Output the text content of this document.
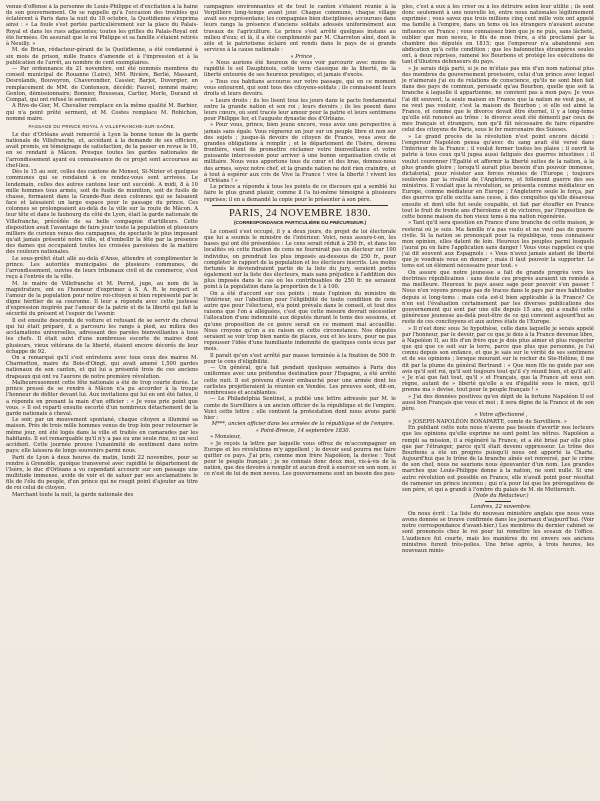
venue d'offense à la personne de Louis-Philippe et d'excitation à la haine de son gouvernement. On se rappelle qu'à l'occasion des troubles qui éclatèrent à Paris dans la nuit du 18 octobre, la Quotidienne s'exprima ainsi : « La foule s'est portée particulièrement sur la place du Palais-Royal et dans les rues adjacentes; toutes les grilles du Palais-Royal ont été fermées. On assurait que le roi Philippe et sa famille s'étaient retirés à Neuilly. »

M. de Brian, rédacteur-gérant de la Quotidienne, a été condamné à six mois de prison, mille francs d'amende et à l'impression et à la publication de l'arrêt, au nombre de cent exemplaires.

— Par ordonnance du 21 novembre, ont été nommés membres du conseil municipal de Rouanne (Loire), MM. Rivière, Berlié, Massard, Desrolands, Bouveyron, Chaverondier, Cassier, Barjot, Duvergier, en remplacement de MM. de Contenson, décédé; Fauvel, nommé maire; Genton, démissionnaire; Bonnier, Rousseau, Cartier, Merle, Durand et Compat, qui ont refusé le serment.

A Rive-de-Gier, M. Chevalier remplace en la même qualité M. Barbier, qui n'a point prêté serment, et M. Costes remplace M. Robichon, nommé maire.

PASSAGE DU PRINCE ROYAL À VILLEFRANCHE-SUR-SAÔNE.

Le duc d'Orléans avait remercié à Lyon la bonne tenue de la garde nationale de Villefranche, et, accédant à la demande de ses officiers, avait promis, en témoignage de satisfaction, de la passer en revue le 16, en se rendant à Mâcon. Presque toutes les gardes nationales de l'arrondissement ayant eu connaissance de ce projet sont accourues au chef-lieu.

Dès le 15 au soir, celles des cantons de Monsol, St-Nizier et quelques communes qui se rendaient à ce rendez-vous sont arrivées. Le lendemain, celles des autres cantons leur ont succédé. A midi, 8 à 10 mille hommes tous armés, soit de fusils de munition, soit de fusils de chasse, formaient dans la Grande-Rue deux colonnes qui se faisaient face et laissaient un large espace pour le passage du prince. Ces colonnes se prolongeaient au-delà de la ville sur la route de Mâcon. A leur tête et dans le faubourg du côté de Lyon, était la garde nationale de Villefranche, précédée de sa belle compagnie d'artilleurs. Cette disposition avait l'avantage de faire jouir toute la population et plusieurs milliers de curieux venus des campagnes, du spectacle le plus imposant qu'ait jamais présenté notre ville, et d'embellir la fête par la présence des dames qui occupaient toutes les croisées pavoisées de la matière des couleurs nationales.

Le sous-préfet était allé au-delà d'Anse, attendre et complimenter le prince. Les autorités municipales de plusieurs communes, de l'arrondissement, suivies de leurs tribunaux civil et de commerce, s'est reçu à l'entrée de la ville.

M. le maire de Villefranche et M. Perrot, juge, au nom de la magistrature, ont eu l'honneur d'exprimer à S. A. R. le respect et l'amour de la population pour notre roi-citoyen si bien représenté par le digne héritier de sa couronne. Il leur a répondu avec cette justesse d'expression inspirée par l'amour de la patrie et de la liberté qui fait la sécurité du présent et l'espoir de l'avenir.

Il est ensuite descendu de voiture et refusant de se servir du cheval qui lui était préparé, il a parcouru les rangs à pied, au milieu des acclamations universelles, adressant des paroles bienveillantes à tous les chefs. Il était suivi d'une nombreuse escorte de maires dont plusieurs, vieux vétérans de la liberté, étaient encore décorés de leur échappe de 92.

On a remarqué qu'il s'est entretenu avec tous ceux des maires M. Charmetton, maire du Bois-d'Oingt, qui avait amené 1,500 gardes nationaux de son canton, et qui lui a présenté trois de ces anciens drapeaux qui ont vu l'aurore de notre première révolution.

Malheureusement cette fête nationale a été de trop courte durée. Le prince pressé de se rendre à Mâcon n'a pu accorder à la troupe l'honneur de défiler devant lui. Aux invitations qui lui en ont été faites, il a répondu en prenant la main d'un officier : « Je vous prie point que vous. » Il est reparti ensuite escorté d'un nombreux détachement de la garde nationale à cheval.

Le soir, par un mouvement spontané, chaque citoyen a illuminé sa maison. Près de trois mille hommes venus de trop loin pour retourner le même jour, ont été logés dans la ville et traités en camarades par les habitants. Il est remarquable qu'il n'y a pas eu une seule rixe, ni un seul accident. Cette journée prouve l'unanimité de sentiment dans notre pays; elle laissera de longs souvenirs parmi nous.

Parti de Lyon à deux heures du matin, lundi 22 novembre, pour se rendre à Grenoble, quoique transversé avec rapidité le département de l'Isère, le duc d'Orléans a vu cependant accourir sur son passage une multitude immense, avide de voir et de saluer par ses acclamations le fils de l'élu du peuple, d'un prince qui ne rougit point d'ajouter au titre de roi celui de citoyen.

Marchant toute la nuit, la garde nationale des

campagnes environnantes et de tout le canton s'étaient réunie à la Verpillière long-temps avant jour. Chaque commune, chaque village avait ses représentans; les compagnies bien disciplinées accourues dans leurs rangs la présence d'anciens soldats adossés uniformément aux travaux de l'agriculture. Le prince s'est arrêté quelques instans au milieu d'eux; et là, il a été complimenté par M. Charreton aîné, dont le zèle et le patriotisme éclairé ont rendu dans le pays de si grands services à la cause nationale :

« Prince ,

» Nous aurions été heureux de vous voir parcourir avec moins de rapidité le sol Dauphinois, cette terre classique de la liberté, de la liberté entourée de ses heureux prestiges, et jamais d'excès.

» Tous ces habitans accourus sur votre passage, qui en ce moment vous entourent, qui sont tous des citoyens-soldats ; ils connaissent leurs droits et leurs devoirs.

» Leurs droits ; ils les lisent tous les jours dans le pacte fondamental entre la grande nation et son roi ; leurs devoirs ; ils les posent dans leurs cœurs, où sont tracés leur amour pour la patrie et leurs sentimens pour Philippe Ier, et l'auguste dynastie des d'Orléans.

» Pour vous, prince, bien jeune encore, vous avez une perspective à jamais sans égale. Vous régnerez un jour sur un peuple libre et non sur des sujets ; jusque-là devoirs de citoyen de France, vous avez de grandes obligations à remplir ; et le département de l'Isère, devenu frontière, vient de promettre réclamer votre bienveillance et votre puissante intercession pour arriver à une bonne organisation civile et militaire. Nous vous apportons tous du cœur et des bras, donnez-nous des armes, soyez notre chef, et la grande nation ne doit rien craindre, et à tout à espérer aux cris de Vive la France ! vive la liberté ! vivent les d'Orléans ! »

Le prince a répondu à tous les points de ce discours qui a semblé lui faire le plus grand plaisir, comme il l'a lui-même témoigné à plusieurs reprises; il en a demandé la copie pour le présenter à son père.

PARIS, 24 NOVEMBRE 1830.
(CORRESPONDANCE PARTICULIÈRE DU PRÉCURSEUR.)

Le conseil s'est occupé, il y a deux jours, du projet de loi électorale que lui a soumis le ministre de l'intérieur. Voici, nous assure-t-on, les bases qui ont été présentées : Le cens serait réduit à 250 fr., et dans les localités où cette fixation de cens ne fournirait pas un électeur sur 100 individus, on prendrait les plus imposés au-dessous de 250 fr., pour compléter le rapport de la population et les électeurs inscrits. Les moins fortunés le deviendraient partie de la liste du jury, seraient portés également sur la liste des électeurs, mais sans préjudice à l'addition des plus imposés dans le cas où les contribuables de 250 fr. ne seraient point à la population dans la proportion de 1 à 100.

On a été d'accord sur ces points ; mais l'opinion du ministre de l'intérieur, sur l'abolition pour l'éligibilité de toute condition de cens autre que pour l'électorat, n'a point prévalu dans le conseil, et tout des raisons que l'on a alléguées, c'est que cette mesure devrait nécessiter l'allocation d'une indemnité aux députés durant le tems des sessions, et qu'une proposition de ce genre serait en ce moment mal accueillie. Nous croyons qu'on a eu raison en cette circonstance. Nos députés seraient se voir trop bien nantis de places, eux et les leurs, pour ne pas repousser l'idée d'une humiliante indemnité de quelques cents écus par mois.

Il paraît qu'on s'est arrêté par masse terminée à la fixation de 500 fr. pour le cens d'éligibilité.

— Un général, qu'a fait pendant quelques semaines à Paris des uniformes avec une prétendue destination pour l'Espagne, a été arrêté cette nuit. Il est prévenu d'avoir embauché pour une armée dont les carlistes projetteraient la réunion en Vendée. Les preuves sont, dit-on, nombreuses et accablantes.

— Le Philadelphia Sentinel, a publié une lettre adressée par M. le comte de Survilliers à un ancien officier de la république et de l'empire. Voici cette lettre ; elle contient la protestation dont nous avons parlé hier :

M***, ancien officier dans les armées de la république et de l'empire.

« Point-Breeze, 14 septembre 1830.

» Monsieur,

» Je reçois la lettre par laquelle vous offrez de m'accompagner en Europe et les révolutions m'y appellent ; le devoir seul pourra me faire quitter ce pays. J'ai pris, comme mon frère Napoléon, la devise : Tout pour le peuple français ; je ne connais donc deux moi, vis-à-vis de la nation, que des devoirs à remplir et aucun droit à exercer en son nom, si ce n'est de lui de mon neveu. Les gouvernemens sont un besoin des peu-

ples, c'est à eux à les créer ou à les détruire selon leur utilité ; ils sont donc seulement à une nouvelle loi, entre nous nationales légitimement exprimée ; vous savez que trois millions cinq cent mille voix ont appelé ma famille à l'empire, dans un tems où les étrangers n'avaient aucune influence en France ; vous connaissez bien que je ne puis, sans lâcheté, oublier que mon neveu, le fils de mon frère, a été proclamé par la chambre des députés en 1815; que l'empereur n'a abandonné son abdication qu'à cette condition ; que les baïonnettes étrangères seules ont, à deux reprises, ramené les Bourbons et protégé les exécutions de tant d'illustres défenseurs du pays.

» Je serais déjà parti, si je ne m'étais pas mis d'un nom national plus des membres du gouvernement provisoire, celui d'un prince avec lequel je n'aimerais j'ai eu de relations de conscience, qu'ils ne sont bien fait dans des pays de commun, persuadé qu'au Bourbon, quelle que soit la branche à laquelle il appartienne, ne convient pas à mon pays. Je vous l'ai dit souvent, la seule maison en France que la nation ne veut pas, et ne veut pas vouloir, c'est la maison de Bourbon ; si elle est aimé la France, et comme que le divorce devait être éternel, il y a long-tems qu'elle eût renoncé au trône : le divorce avait été démenti par ceux de mes français et étrangers, non qu'il fût nécessaire de faire répandre celui des citoyens de Paris, sous le fer mercenaire des Suisses.

» Le grand procès de la révolution n'est point encore décidé : l'empereur Napoléon pensa qu'avec du sang avait été versé dans l'intérieur de la France ; il voulut fermer toutes les plaies ; il ouvrit la patrie à tous ceux qu'il jugea aussi fatigués des guerres intestines ; il voulut couronner l'Égalité et affermir la liberté suites de la nation, à la plus grande gloire ; lorsqu'il aurait plus besoin d'un pouvoir immense, dictatorial, pour résister aux forces réunies de l'Europe ; toujours soulevées par la rivalité de l'Angleterre, et follement guerre des ses ministres. Il voulait que la révolution, se présenta comme médiateur en Europe, comme médiateur en Europe ; l'Angleterre seule le força, par des guerres qu'elle excita sans cesse, à des conquêtes qu'elle désavoua ensuite et dont elle fut seule coupable, et fait par étouffer en France tout le fruit de trente ans d'héroïsme et de victoires, par l'imposition de cette bonne maison du bon vieux tems à ma nation régénérée.

» Tant qu'il sera question en France d'une branche de cette maison, je resterai où je suis. Ma famille n'a pas voulu et ne veut pas de guerre civile. Si la nation se prononçait pour la république, vous connaissez mon opinion, elles datent de loin. Heureux les peuples parmi lesquels j'aurai pu en faire l'application sans danger ! Vous vous rappelez ce que j'ai dit souvent aux Espagnols : « Vous n'avez jamais autant de liberté que je voudrais vous en donner ; mais il faut pouvoir la supporter. Le tems est un élément nécessaire pour tout. »

On assure que notre jeunesse a fait de grands progrès vers les doctrines républicaines : sans doute ces progrès auraient un remède à ma meilleure. Heureux le pays assez sage pour pouvoir s'en passer ! Nous n'en voyons presque pas de traces dans le pays par mes habitudes depuis si long-tems : mais cela est-il bien applicable à la France? Ce n'en est l'évaluation certainement par les diverses publications des gouvernement qui sont par une elle depuis 15 ans, qui a exalté cette généreuse jeunesse au-delà peut-être de ce qui convient aujourd'hui au reste de ces concitoyens et aux autres états de l'Europe.

» Il n'est donc sous 3e hypothèse, celle dans laquelle je serais appelé par l'honneur, par le devoir, par ce que je dois à la France devenue libre, à Napoléon II, au fils d'un frère que je dois plus aimer et plus respecter que qui que ce soit sur la terre, parce que plus que personne, je l'ai connu depuis son enfance, et que je sais sur le vérité de ses sentimens et de ses opinions ; lorsque mourant sur le rocher de Ste-Hélène, il me dit par la plume du général Bertrand : « Que mon fils ne guide par son avis qu'il soit roi, qu'il soit toujours tout qu'il s'y réunit bien, et qu'il ait : « Je n'ai que fait tout, qu'il » et Français, que la France ait sous son règne, autant de » liberté qu'elle a eu d'égalité sous le mien, qu'il prenne ma » devise, tout pour le peuple français ! »

» J'ai des données positives qu'en dépit de la fortune Napoléon II est aussi bon Français que vous et moi ; il sera digne de la France et de son père.

» Votre affectionné ,

» JOSEPH-NAPOLÉON BONAPARTE, comte de Survilliers. »

En publiant cette note nous n'avons pas besoin d'avertir nos lecteurs que les opinions qu'elle exprime ne sont point les nôtres. Napoléon a rempli sa mission, il a régénéré la France, et a été brisé par elle plus que par l'étranger, parce qu'il était devenu oppresseur. Le trône des Bourbons a été un progrès puisqu'il nous ont apporté la Charte. Aujourd'hui que le trône de la branche aînée est renversé, par le crime de son chef, nous ne saurions nous épouvanter d'un nom. Les grandes marches que Louis-Philippe donne à la nation, ne sont nulle. Si une autre révolution est possible en France, elle n'avait point pour résultat de ramener un prince inconnu ; qui n'a pour lui que les prérogatives de son père, et qui a grandi à l'ombre du palais de M. de Metternich.

(Note du Rédacteur.)

Londres, 22 novembre.

On nous écrit : La liste du nouveau ministère anglais que nous vous avons donnée se trouve confirmée dans les journaux d'aujourd'hui. (Voir notre correspondance d'avant-hier.) Les membres du dernier cabinet se sont prononcés chez le roi pour lui remettre les sceaux de l'office. L'audience fut courte, mais les manières du roi envers ses anciens ministres furent très-polies. Une brise après, à trois heures, les nouveaux minis-
